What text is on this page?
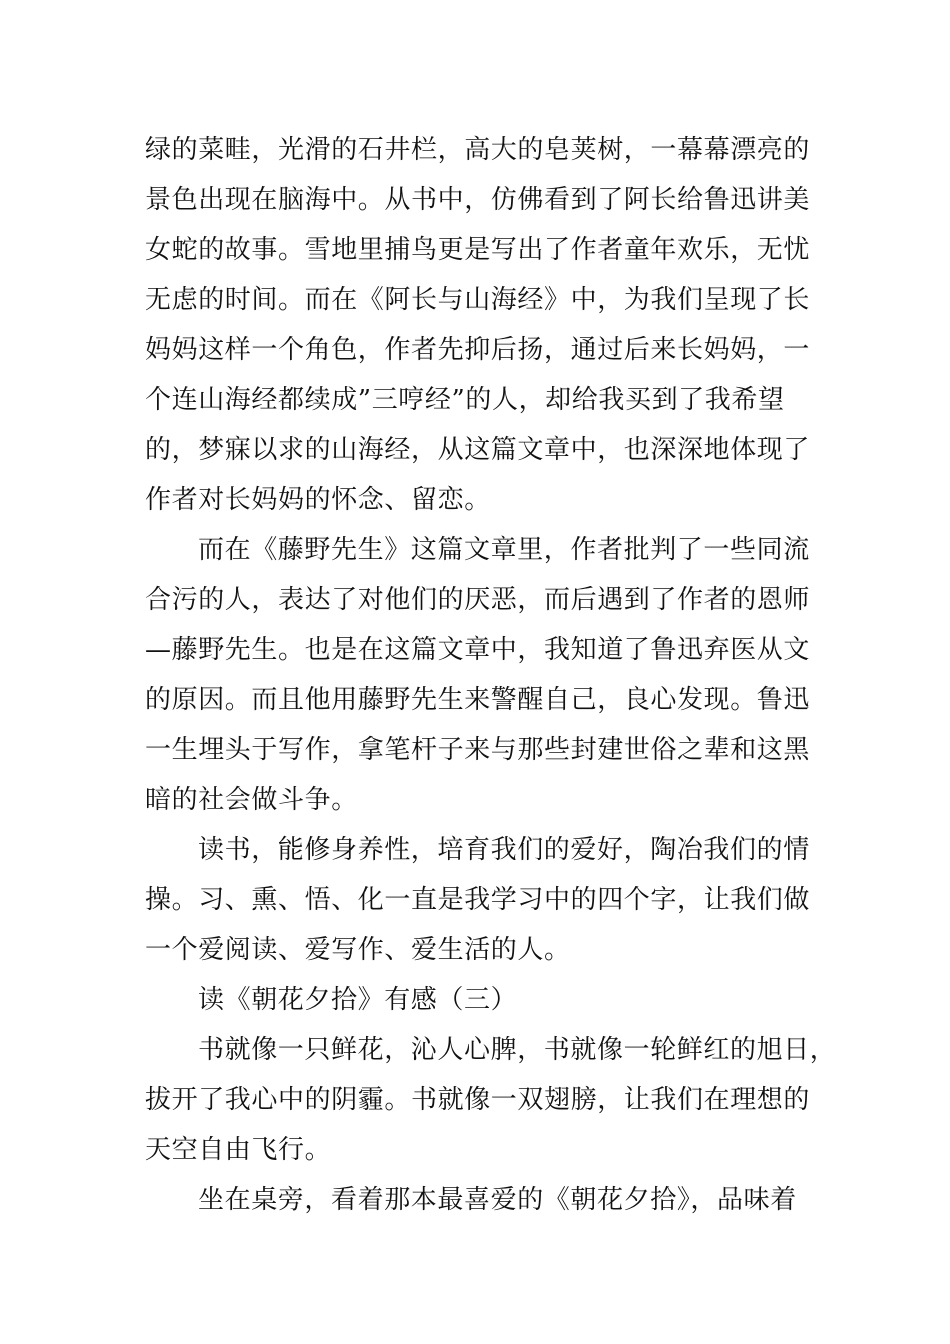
绿的菜畦，光滑的石井栏，高大的皂荚树，一幕幕漂亮的
景色出现在脑海中。从书中，仿佛看到了阿长给鲁迅讲美
女蛇的故事。雪地里捕鸟更是写出了作者童年欢乐，无忧
无虑的时间。而在《阿长与山海经》中，为我们呈现了长
妈妈这样一个角色，作者先抑后扬，通过后来长妈妈，一
个连山海经都续成”三哼经”的人，却给我买到了我希望
的，梦寐以求的山海经，从这篇文章中，也深深地体现了
作者对长妈妈的怀念、留恋。
而在《藤野先生》这篇文章里，作者批判了一些同流
合污的人，表达了对他们的厌恶，而后遇到了作者的恩师
—藤野先生。也是在这篇文章中，我知道了鲁迅弃医从文
的原因。而且他用藤野先生来警醒自己，良心发现。鲁迅
一生埋头于写作，拿笔杆子来与那些封建世俗之辈和这黑
暗的社会做斗争。
读书，能修身养性，培育我们的爱好，陶冶我们的情
操。习、熏、悟、化一直是我学习中的四个字，让我们做
一个爱阅读、爱写作、爱生活的人。
读《朝花夕拾》有感（三）
书就像一只鲜花，沁人心脾，书就像一轮鲜红的旭日，
拔开了我心中的阴霾。书就像一双翅膀，让我们在理想的
天空自由飞行。
坐在桌旁，看着那本最喜爱的《朝花夕拾》，品味着
